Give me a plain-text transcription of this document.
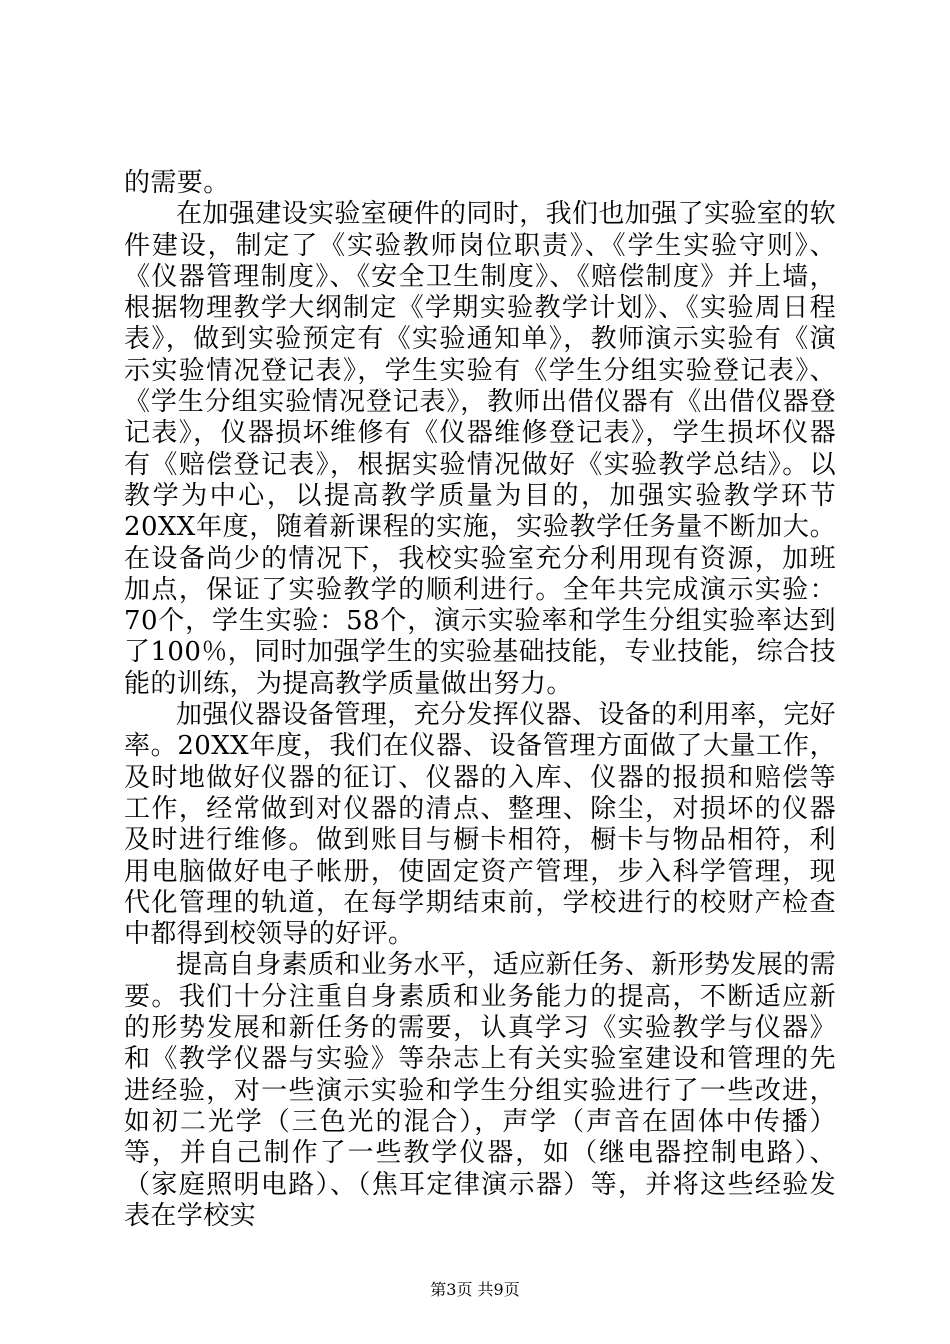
的需要。

在加强建设实验室硬件的同时，我们也加强了实验室的软件建设，制定了《实验教师岗位职责》、《学生实验守则》、《仪器管理制度》、《安全卫生制度》、《赔偿制度》并上墙，根据物理教学大纲制定《学期实验教学计划》、《实验周日程表》，做到实验预定有《实验通知单》，教师演示实验有《演示实验情况登记表》，学生实验有《学生分组实验登记表》、《学生分组实验情况登记表》，教师出借仪器有《出借仪器登记表》，仪器损坏维修有《仪器维修登记表》，学生损坏仪器有《赔偿登记表》，根据实验情况做好《实验教学总结》。以教学为中心，以提高教学质量为目的，加强实验教学环节20XX年度，随着新课程的实施，实验教学任务量不断加大。在设备尚少的情况下，我校实验室充分利用现有资源，加班加点，保证了实验教学的顺利进行。全年共完成演示实验：70个，学生实验：58个，演示实验率和学生分组实验率达到了100％，同时加强学生的实验基础技能，专业技能，综合技能的训练，为提高教学质量做出努力。

加强仪器设备管理，充分发挥仪器、设备的利用率，完好率。20XX年度，我们在仪器、设备管理方面做了大量工作，及时地做好仪器的征订、仪器的入库、仪器的报损和赔偿等工作，经常做到对仪器的清点、整理、除尘，对损坏的仪器及时进行维修。做到账目与橱卡相符，橱卡与物品相符，利用电脑做好电子帐册，使固定资产管理，步入科学管理，现代化管理的轨道，在每学期结束前，学校进行的校财产检查中都得到校领导的好评。

提高自身素质和业务水平，适应新任务、新形势发展的需要。我们十分注重自身素质和业务能力的提高，不断适应新的形势发展和新任务的需要，认真学习《实验教学与仪器》和《教学仪器与实验》等杂志上有关实验室建设和管理的先进经验，对一些演示实验和学生分组实验进行了一些改进，如初二光学（三色光的混合），声学（声音在固体中传播）等，并自己制作了一些教学仪器，如（继电器控制电路）、（家庭照明电路）、（焦耳定律演示器）等，并将这些经验发表在学校实

第3页 共9页
